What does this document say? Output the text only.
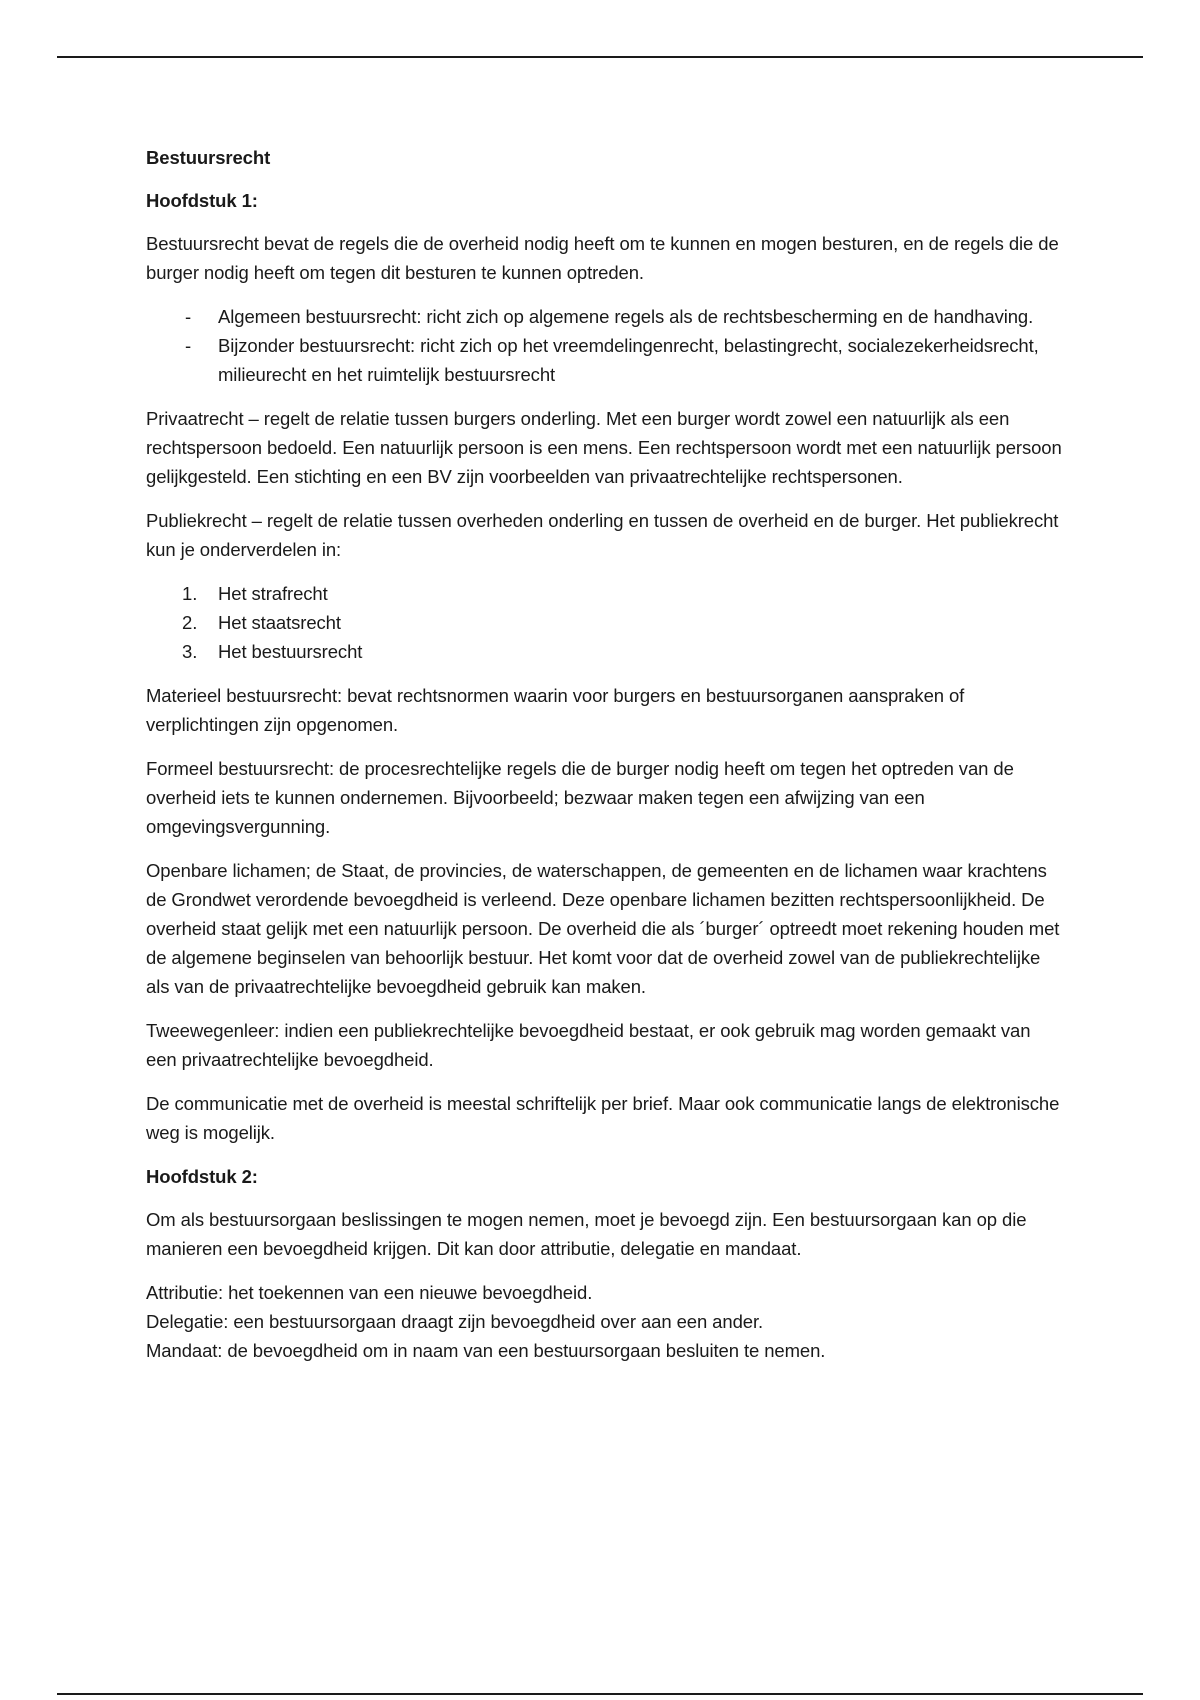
Bestuursrecht

Hoofdstuk 1:

Bestuursrecht bevat de regels die de overheid nodig heeft om te kunnen en mogen besturen, en de regels die de burger nodig heeft om tegen dit besturen te kunnen optreden.

- Algemeen bestuursrecht: richt zich op algemene regels als de rechtsbescherming en de handhaving.
- Bijzonder bestuursrecht: richt zich op het vreemdelingenrecht, belastingrecht, socialezekerheidsrecht, milieurecht en het ruimtelijk bestuursrecht

Privaatrecht – regelt de relatie tussen burgers onderling. Met een burger wordt zowel een natuurlijk als een rechtspersoon bedoeld. Een natuurlijk persoon is een mens. Een rechtspersoon wordt met een natuurlijk persoon gelijkgesteld. Een stichting en een BV zijn voorbeelden van privaatrechtelijke rechtspersonen.

Publiekrecht – regelt de relatie tussen overheden onderling en tussen de overheid en de burger. Het publiekrecht kun je onderverdelen in:

1. Het strafrecht
2. Het staatsrecht
3. Het bestuursrecht

Materieel bestuursrecht: bevat rechtsnormen waarin voor burgers en bestuursorganen aanspraken of verplichtingen zijn opgenomen.

Formeel bestuursrecht: de procesrechtelijke regels die de burger nodig heeft om tegen het optreden van de overheid iets te kunnen ondernemen. Bijvoorbeeld; bezwaar maken tegen een afwijzing van een omgevingsvergunning.

Openbare lichamen; de Staat, de provincies, de waterschappen, de gemeenten en de lichamen waar krachtens de Grondwet verordende bevoegdheid is verleend. Deze openbare lichamen bezitten rechtspersoonlijkheid. De overheid staat gelijk met een natuurlijk persoon. De overheid die als ´burger´ optreedt moet rekening houden met de algemene beginselen van behoorlijk bestuur. Het komt voor dat de overheid zowel van de publiekrechtelijke als van de privaatrechtelijke bevoegdheid gebruik kan maken.

Tweewegenleer: indien een publiekrechtelijke bevoegdheid bestaat, er ook gebruik mag worden gemaakt van een privaatrechtelijke bevoegdheid.

De communicatie met de overheid is meestal schriftelijk per brief. Maar ook communicatie langs de elektronische weg is mogelijk.

Hoofdstuk 2:

Om als bestuursorgaan beslissingen te mogen nemen, moet je bevoegd zijn. Een bestuursorgaan kan op die manieren een bevoegdheid krijgen. Dit kan door attributie, delegatie en mandaat.

Attributie: het toekennen van een nieuwe bevoegdheid.

Delegatie: een bestuursorgaan draagt zijn bevoegdheid over aan een ander.

Mandaat: de bevoegdheid om in naam van een bestuursorgaan besluiten te nemen.
